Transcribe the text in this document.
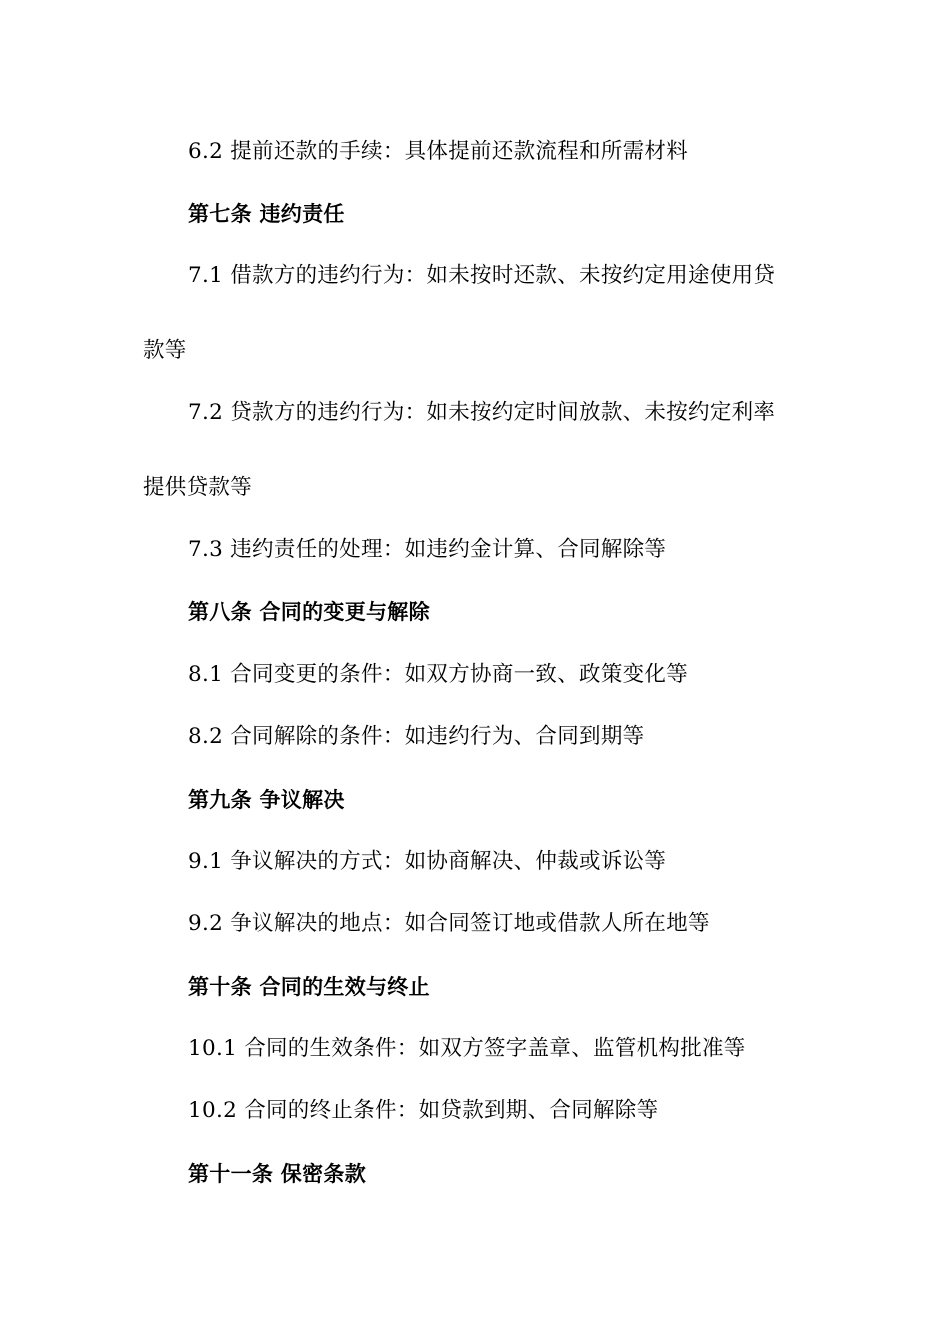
6.2 提前还款的手续：具体提前还款流程和所需材料
第七条 违约责任
7.1 借款方的违约行为：如未按时还款、未按约定用途使用贷
款等
7.2 贷款方的违约行为：如未按约定时间放款、未按约定利率
提供贷款等
7.3 违约责任的处理：如违约金计算、合同解除等
第八条 合同的变更与解除
8.1 合同变更的条件：如双方协商一致、政策变化等
8.2 合同解除的条件：如违约行为、合同到期等
第九条 争议解决
9.1 争议解决的方式：如协商解决、仲裁或诉讼等
9.2 争议解决的地点：如合同签订地或借款人所在地等
第十条 合同的生效与终止
10.1 合同的生效条件：如双方签字盖章、监管机构批准等
10.2 合同的终止条件：如贷款到期、合同解除等
第十一条 保密条款
